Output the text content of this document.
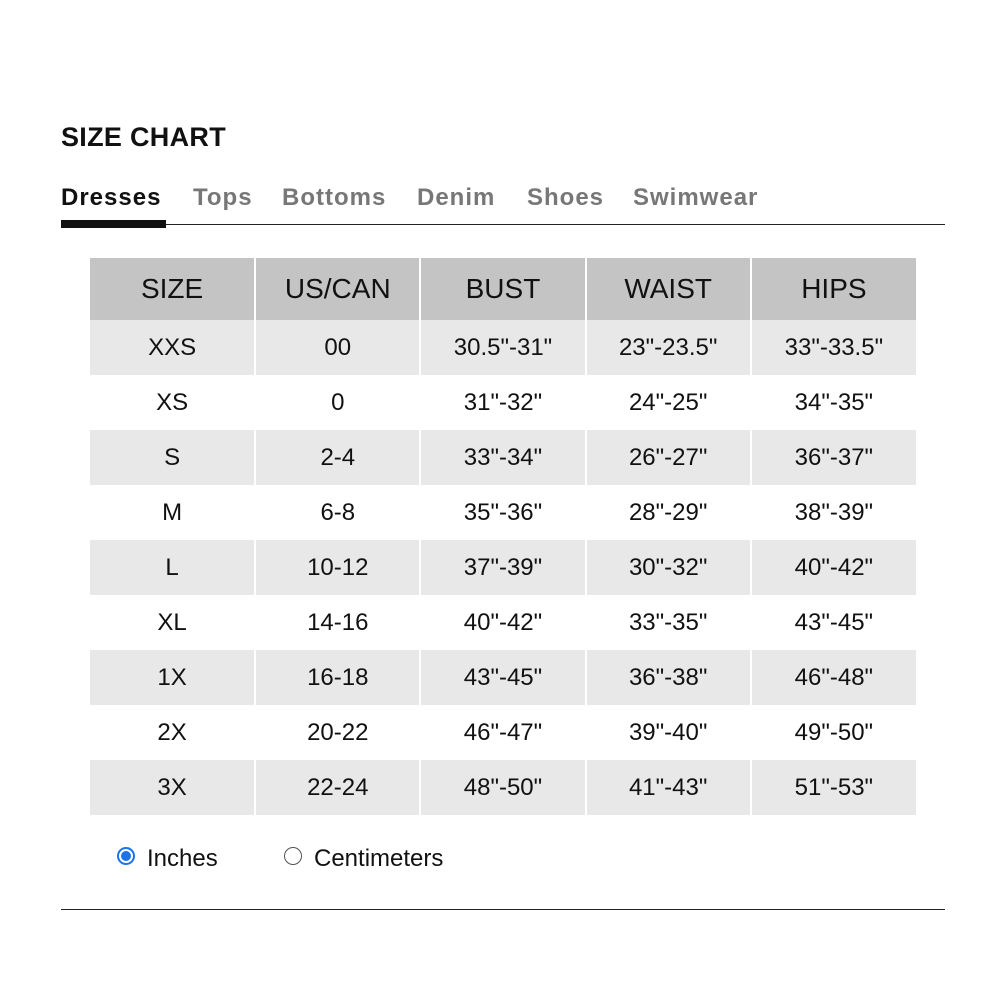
SIZE CHART
Dresses Tops Bottoms Denim Shoes Swimwear
SIZE	US/CAN	BUST	WAIST	HIPS
XXS	00	30.5"-31"	23"-23.5"	33"-33.5"
XS	0	31"-32"	24"-25"	34"-35"
S	2-4	33"-34"	26"-27"	36"-37"
M	6-8	35"-36"	28"-29"	38"-39"
L	10-12	37"-39"	30"-32"	40"-42"
XL	14-16	40"-42"	33"-35"	43"-45"
1X	16-18	43"-45"	36"-38"	46"-48"
2X	20-22	46"-47"	39"-40"	49"-50"
3X	22-24	48"-50"	41"-43"	51"-53"
Inches	Centimeters
